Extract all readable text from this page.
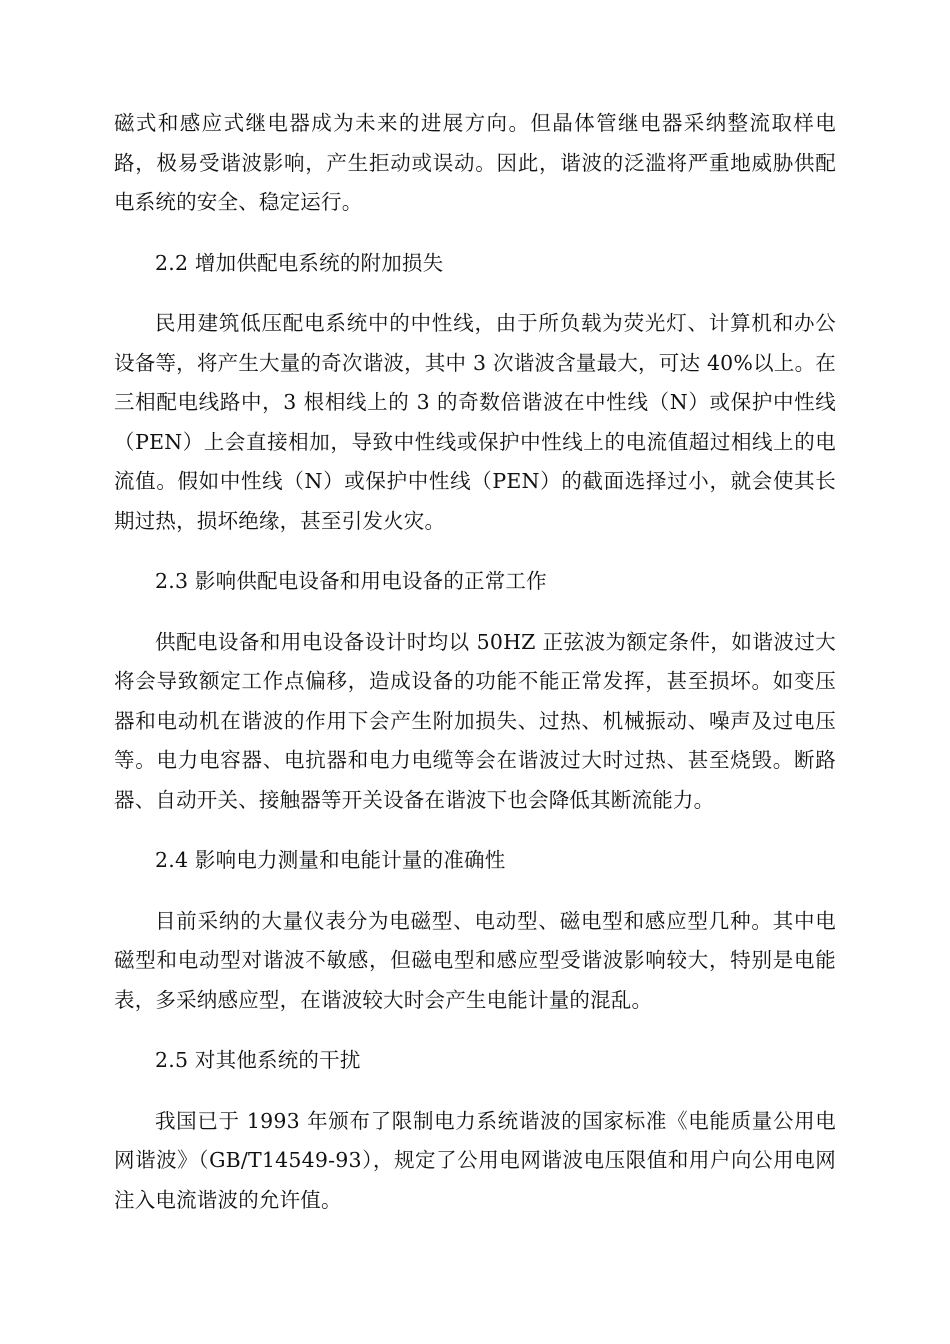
磁式和感应式继电器成为未来的进展方向。但晶体管继电器采纳整流取样电路，极易受谐波影响，产生拒动或误动。因此，谐波的泛滥将严重地威胁供配电系统的安全、稳定运行。

2.2 增加供配电系统的附加损失

民用建筑低压配电系统中的中性线，由于所负载为荧光灯、计算机和办公设备等，将产生大量的奇次谐波，其中 3 次谐波含量最大，可达 40%以上。在三相配电线路中，3 根相线上的 3 的奇数倍谐波在中性线（N）或保护中性线（PEN）上会直接相加，导致中性线或保护中性线上的电流值超过相线上的电流值。假如中性线（N）或保护中性线（PEN）的截面选择过小，就会使其长期过热，损坏绝缘，甚至引发火灾。

2.3 影响供配电设备和用电设备的正常工作

供配电设备和用电设备设计时均以 50HZ 正弦波为额定条件，如谐波过大将会导致额定工作点偏移，造成设备的功能不能正常发挥，甚至损坏。如变压器和电动机在谐波的作用下会产生附加损失、过热、机械振动、噪声及过电压等。电力电容器、电抗器和电力电缆等会在谐波过大时过热、甚至烧毁。断路器、自动开关、接触器等开关设备在谐波下也会降低其断流能力。

2.4 影响电力测量和电能计量的准确性

目前采纳的大量仪表分为电磁型、电动型、磁电型和感应型几种。其中电磁型和电动型对谐波不敏感，但磁电型和感应型受谐波影响较大，特别是电能表，多采纳感应型，在谐波较大时会产生电能计量的混乱。

2.5 对其他系统的干扰

我国已于 1993 年颁布了限制电力系统谐波的国家标准《电能质量公用电网谐波》（GB/T14549-93），规定了公用电网谐波电压限值和用户向公用电网注入电流谐波的允许值。
